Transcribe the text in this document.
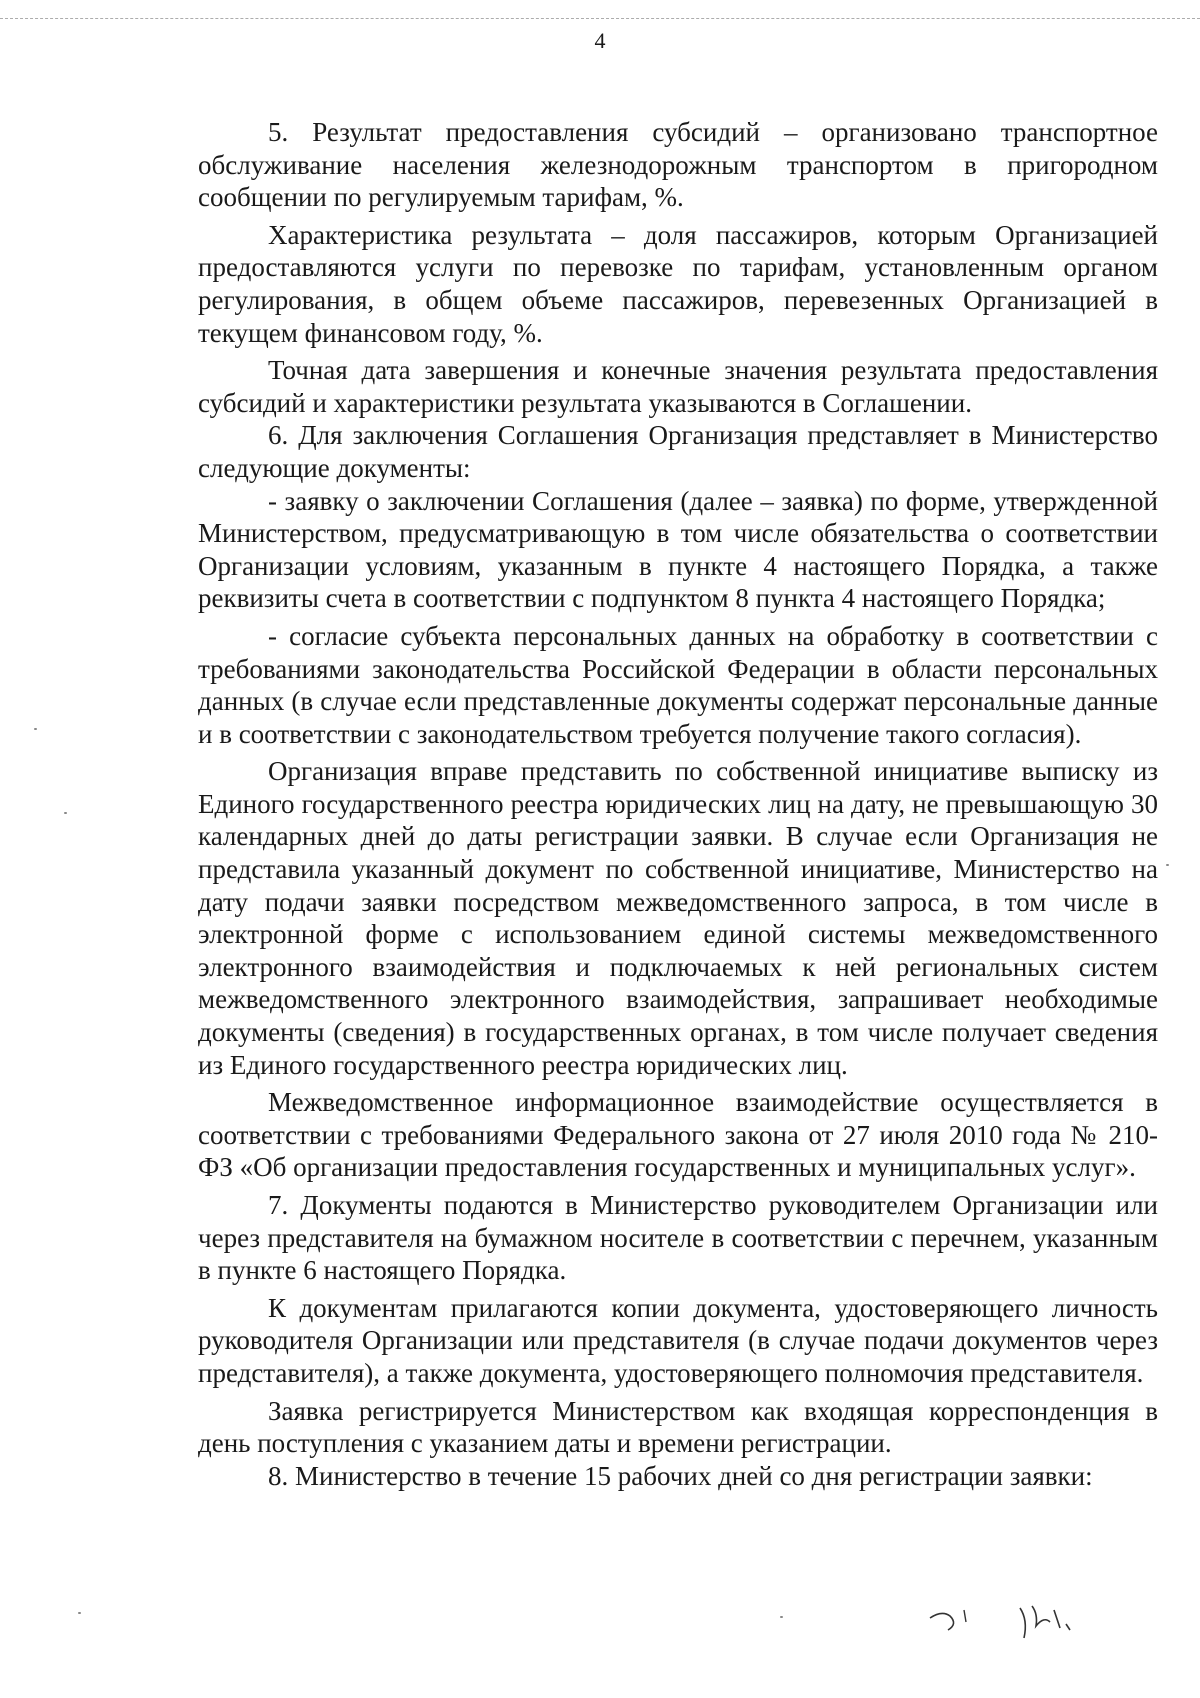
4

5. Результат предоставления субсидий – организовано транспортное обслуживание населения железнодорожным транспортом в пригородном сообщении по регулируемым тарифам, %.

Характеристика результата – доля пассажиров, которым Организацией предоставляются услуги по перевозке по тарифам, установленным органом регулирования, в общем объеме пассажиров, перевезенных Организацией в текущем финансовом году, %.

Точная дата завершения и конечные значения результата предоставления субсидий и характеристики результата указываются в Соглашении.

6. Для заключения Соглашения Организация представляет в Министерство следующие документы:

- заявку о заключении Соглашения (далее – заявка) по форме, утвержденной Министерством, предусматривающую в том числе обязательства о соответствии Организации условиям, указанным в пункте 4 настоящего Порядка, а также реквизиты счета в соответствии с подпунктом 8 пункта 4 настоящего Порядка;

- согласие субъекта персональных данных на обработку в соответствии с требованиями законодательства Российской Федерации в области персональных данных (в случае если представленные документы содержат персональные данные и в соответствии с законодательством требуется получение такого согласия).

Организация вправе представить по собственной инициативе выписку из Единого государственного реестра юридических лиц на дату, не превышающую 30 календарных дней до даты регистрации заявки. В случае если Организация не представила указанный документ по собственной инициативе, Министерство на дату подачи заявки посредством межведомственного запроса, в том числе в электронной форме с использованием единой системы межведомственного электронного взаимодействия и подключаемых к ней региональных систем межведомственного электронного взаимодействия, запрашивает необходимые документы (сведения) в государственных органах, в том числе получает сведения из Единого государственного реестра юридических лиц.

Межведомственное информационное взаимодействие осуществляется в соответствии с требованиями Федерального закона от 27 июля 2010 года № 210-ФЗ «Об организации предоставления государственных и муниципальных услуг».

7. Документы подаются в Министерство руководителем Организации или через представителя на бумажном носителе в соответствии с перечнем, указанным в пункте 6 настоящего Порядка.

К документам прилагаются копии документа, удостоверяющего личность руководителя Организации или представителя (в случае подачи документов через представителя), а также документа, удостоверяющего полномочия представителя.

Заявка регистрируется Министерством как входящая корреспонденция в день поступления с указанием даты и времени регистрации.

8. Министерство в течение 15 рабочих дней со дня регистрации заявки:
